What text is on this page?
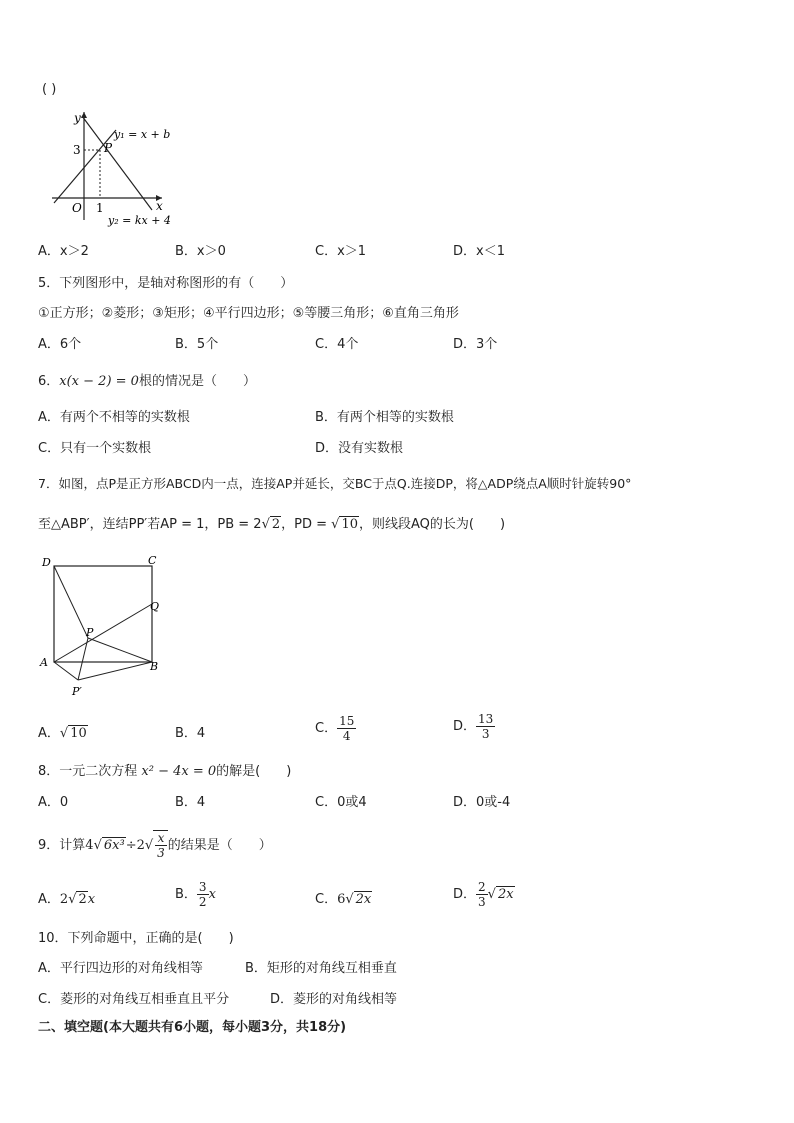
( )
y
x
O 1
3 P
y₁ = x + b
y₂ = kx + 4
A．x＞2	B．x＞0	C．x＞1	D．x＜1
5．下列图形中，是轴对称图形的有（　　）
①正方形；②菱形；③矩形；④平行四边形；⑤等腰三角形；⑥直角三角形
A．6个	B．5个	C．4个	D．3个
6．x(x − 2) = 0根的情况是（　　）
A．有两个不相等的实数根	B．有两个相等的实数根
C．只有一个实数根	D．没有实数根
7．如图，点P是正方形ABCD内一点，连接AP并延长，交BC于点Q.连接DP，将△ADP绕点A顺时针旋转90°
至△ABP′，连结PP′若AP = 1，PB = 2√ 2，PD = √ 10，则线段AQ的长为(　　)
D	C
Q
P
A	B
P′
A．√ 10	B．4	C． $\frac{15}{4}$	D． $\frac{13}{3}$
8．一元二次方程 x² − 4x = 0的解是(　　)
A．0	B．4	C．0或4	D．0或-4
9．计算4√ $6x^3\div 2√ \frac{x}{3}$ 的结果是（　　）
A．2√ 2x	B． $\frac{3}{2}$ x	C．6√ 2x	D． $\frac{2}{3}$ √ 2x
10．下列命题中，正确的是(　　)
A．平行四边形的对角线相等	B．矩形的对角线互相垂直
C．菱形的对角线互相垂直且平分	D．菱形的对角线相等
二、填空题(本大题共有6小题，每小题3分，共18分)
